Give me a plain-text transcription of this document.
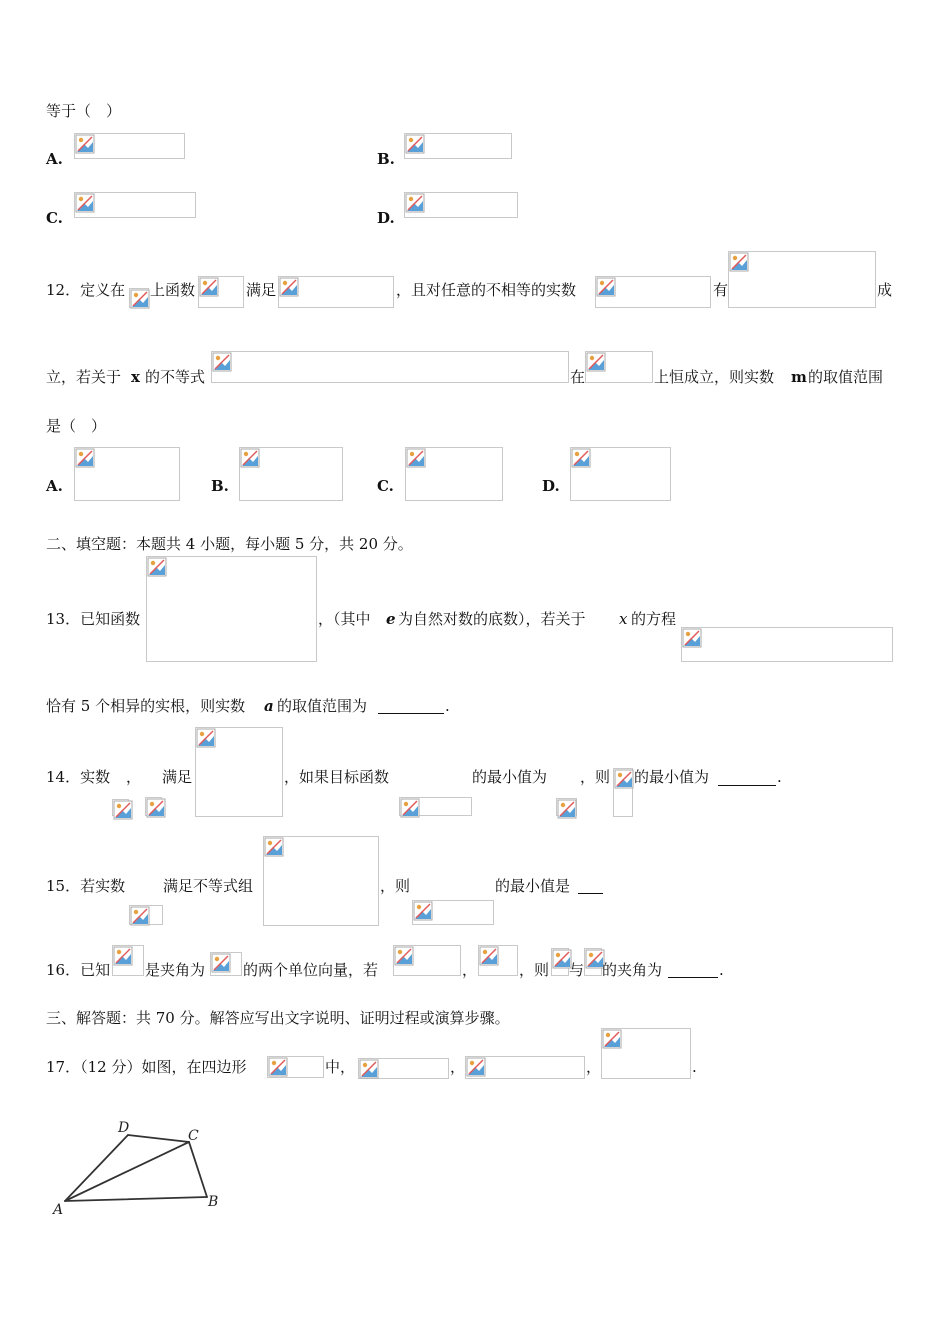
等于（　）
A.	B.
C.	D.
12．定义在 上函数	满足	，且对任意的不相等的实数	有	成
立，若关于 x 的不等式	在	上恒成立，则实数 m 的取值范围
是（　）
A.	B.	C.	D.
二、填空题：本题共 4 小题，每小题 5 分，共 20 分。
13．已知函数	，（其中 e 为自然对数的底数），若关于 x 的方程
恰有 5 个相异的实根，则实数 a 的取值范围为	.
14．实数 ， 满足	，如果目标函数	的最小值为 ，则 的最小值为	.
15．若实数	满足不等式组	，则	的最小值是
16．已知 是夹角为	的两个单位向量，若	，	，则 与 的夹角为	.
三、解答题：共 70 分。解答应写出文字说明、证明过程或演算步骤。
17．（12 分）如图，在四边形	中，	，	，	.
D	C
A	B
